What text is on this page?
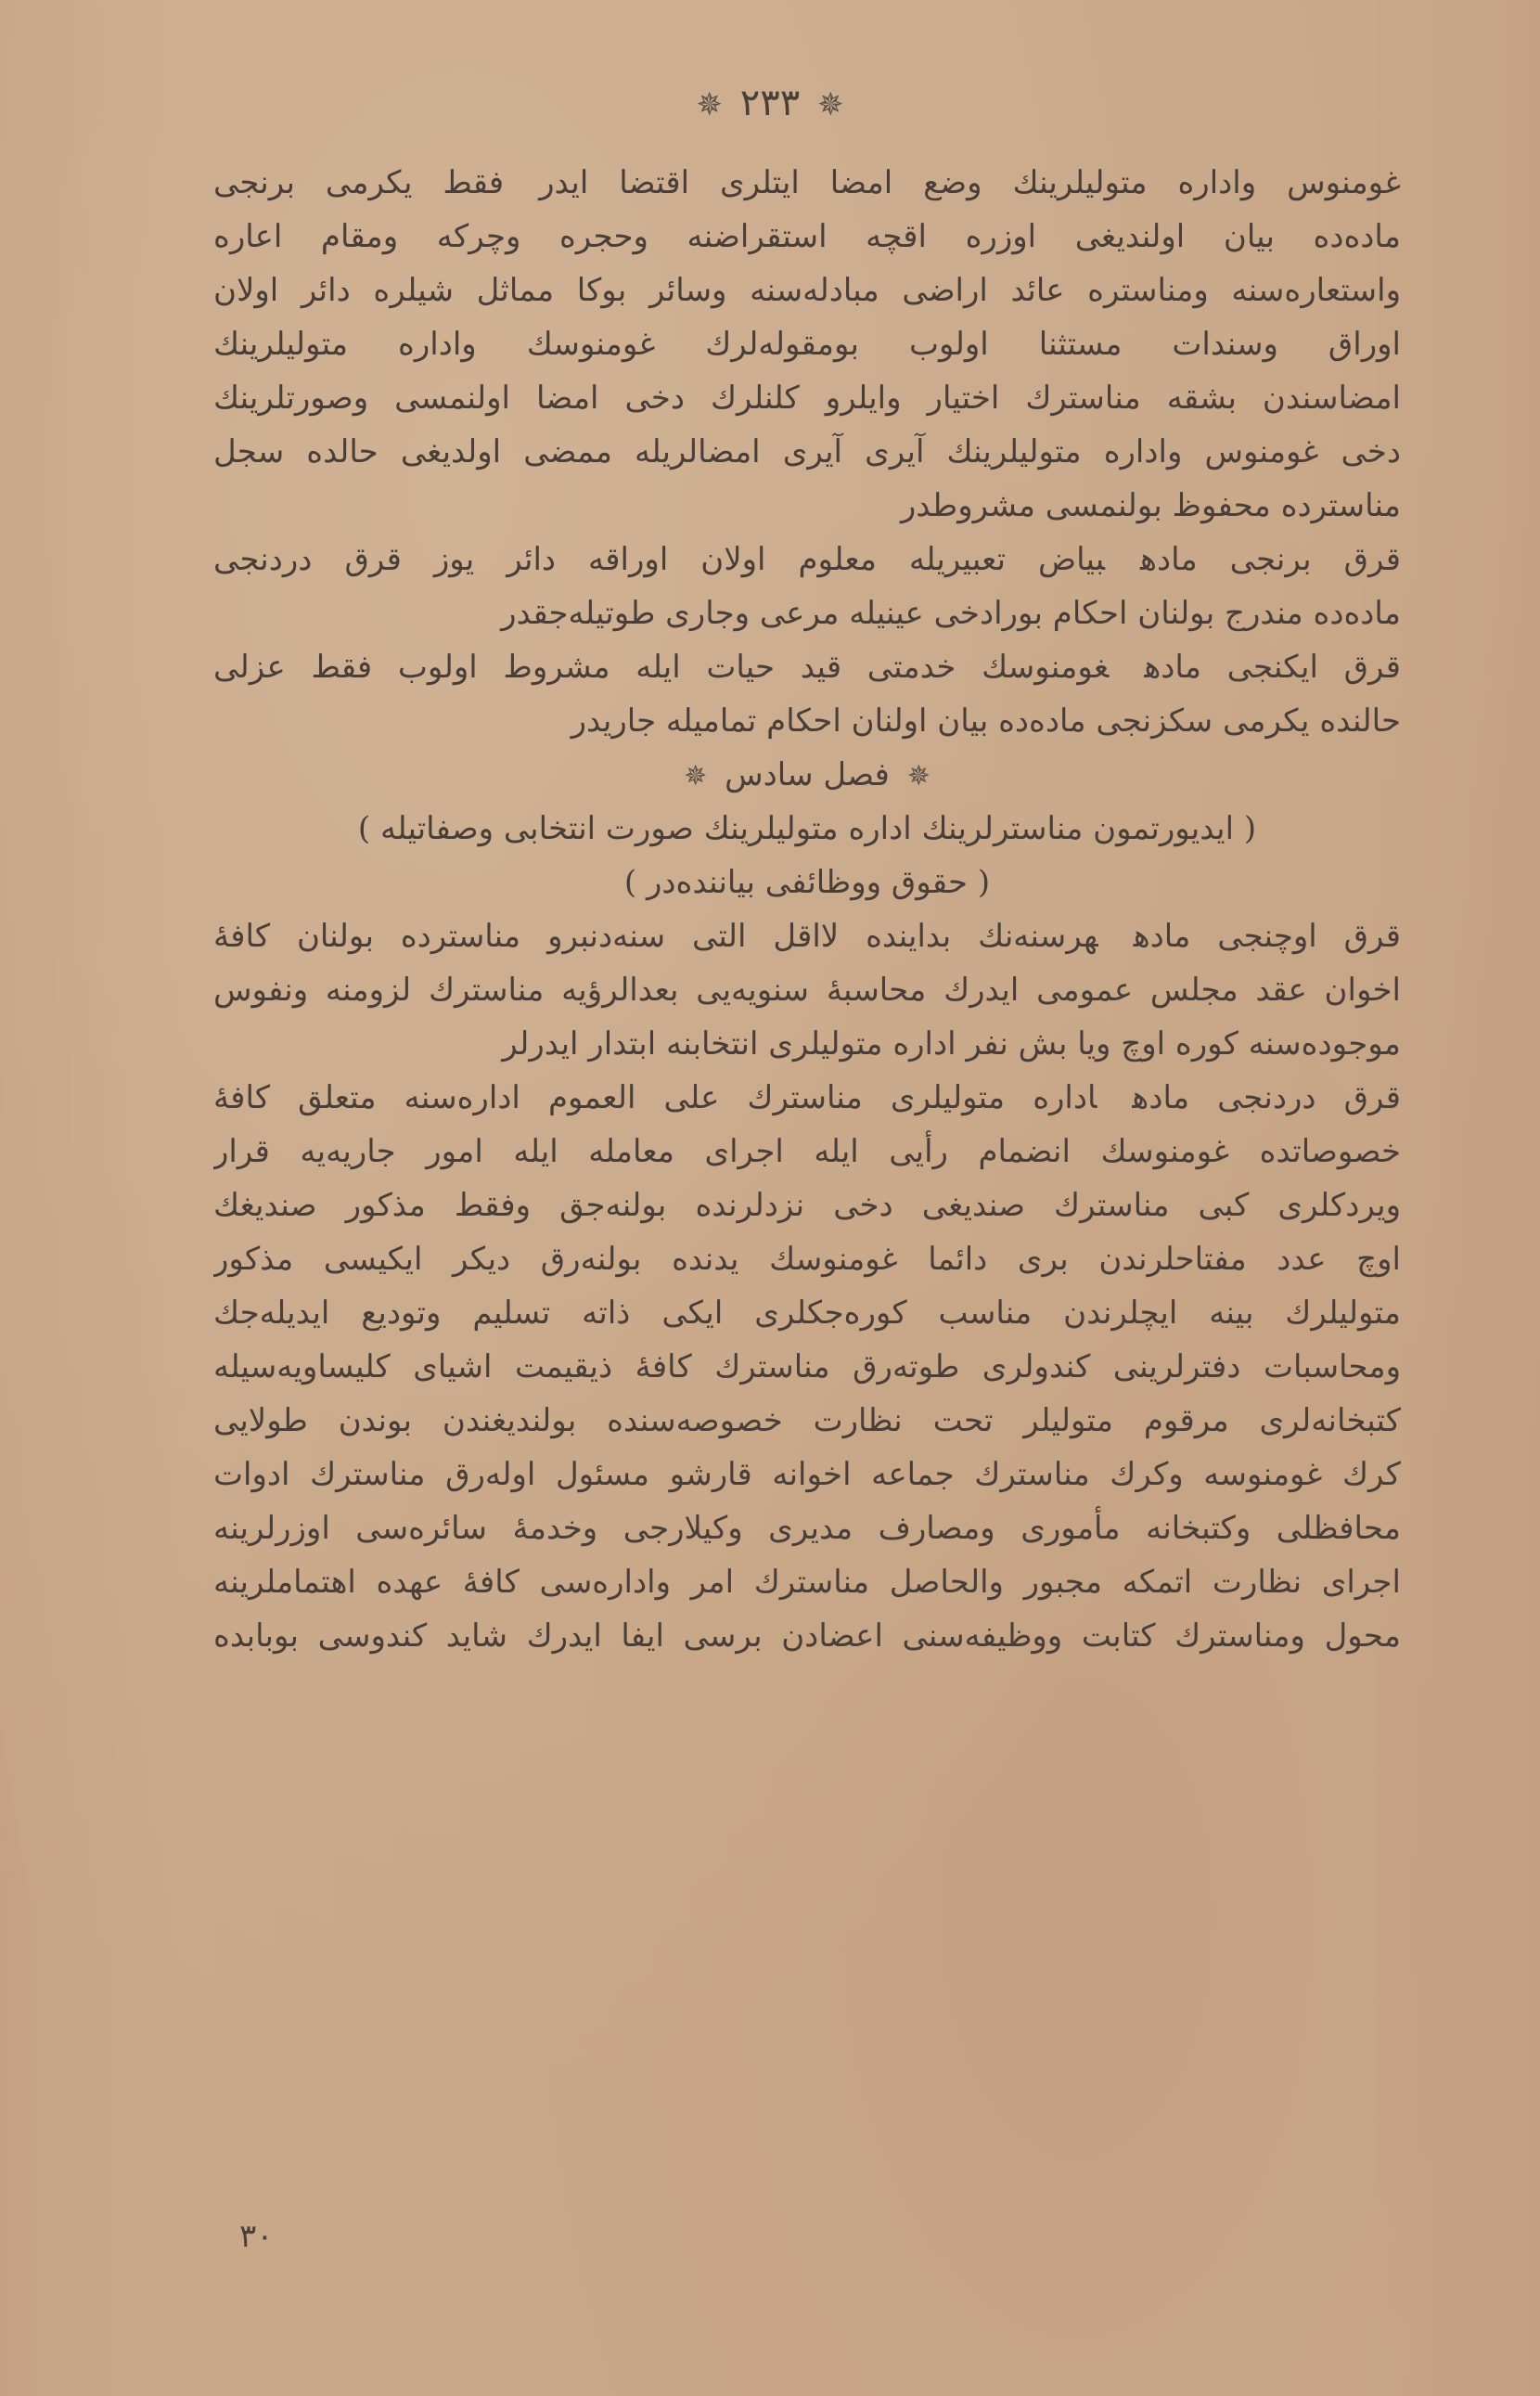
✵ ٢٣٣ ✵
غومنوس واداره متوليلرينك وضع امضا ايتلرى اقتضا ايدرفقط يكرمى برنجى
ماده‌ده بيان اولندیغى اوزره اقچه استقراضنه وحجره وچركه ومقام اعاره
واستعاره‌سنه ومناستره عائد اراضى مبادله‌سنه وسائر بوكا مماثل شيلره دائر اولان
اوراق وسندات مستثنا اولوب بومقوله‌لرك غومنوسك واداره متوليلرينك
امضاسندن بشقه مناسترك اختيار وايلرو كلنلرك دخى امضا اولنمسى وصورتلرينك
دخى غومنوس واداره متوليلرينك آيرى آيرى امضالريله ممضى اولديغى حالده سجل
مناسترده محفوظ بولنمسى مشروطدر
قرق برنجى مادهبياض تعبيريله معلوم اولان اوراقه دائر يوز قرق دردنجى
ماده‌ده مندرج بولنان احكام بورادخى عينيله مرعى وجارى طوتيله‌جقدر
قرق ايكنجى مادهغومنوسك خدمتى قيد حيات ايله مشروط اولوب فقط عزلى
حالنده يكرمى سكزنجى ماده‌ده بيان اولنان احكام تماميله جاريدر
✵ فصل سادس ✵
( ايديورتمون مناسترلرينك اداره متوليلرينك صورت انتخابى وصفاتيله )
( حقوق ووظائفى بياننده‌در )
قرق اوچنجى مادههرسنه‌نك بداينده لااقل التى سنه‌دنبرو مناسترده بولنان كافهٔ
اخوان عقد مجلس عمومى ايدرك محاسبهٔ سنويه‌يى بعدالرؤيه مناسترك لزومنه ونفوس
موجوده‌سنه كوره اوچ ويا بش نفر اداره متوليلرى انتخابنه ابتدار ايدرلر
قرق دردنجى مادهاداره متوليلرى مناسترك على العموم اداره‌سنه متعلق كافهٔ
خصوصاتده غومنوسك انضمام رأيى ايله اجراى معامله ايله امور جاريه‌يه قرار
ويردكلرى كبى مناسترك صندیغى دخى نزدلرنده بولنه‌جق وفقط مذكور صندیغك
اوچ عدد مفتاحلرندن برى دائما غومنوسك يدنده بولنه‌رق ديكر ايكيسى مذكور
متوليلرك بينه ايچلرندن مناسب كوره‌جكلرى ايكى ذاته تسليم وتوديع ايديله‌جك
ومحاسبات دفترلرينى كندولرى طوته‌رق مناسترك كافهٔ ذيقيمت اشياى كليساويه‌سيله
كتبخانه‌لرى مرقوم متوليلر تحت نظارت خصوصه‌سنده بولنديغندن بوندن طولايى
كرك غومنوسه وكرك مناسترك جماعه اخوانه قارشو مسئول اوله‌رق مناسترك ادوات
محافظلى وكتبخانه مأمورى ومصارف مديرى وكيلارجى وخدمهٔ سائره‌سى اوزرلرينه
اجراى نظارت اتمكه مجبور والحاصل مناسترك امر واداره‌سى كافهٔ عهده اهتماملرينه
محول ومناسترك كتابت ووظيفه‌سنى اعضادن برسى ايفا ايدرك شايد كندوسى بوبابده
٣٠
